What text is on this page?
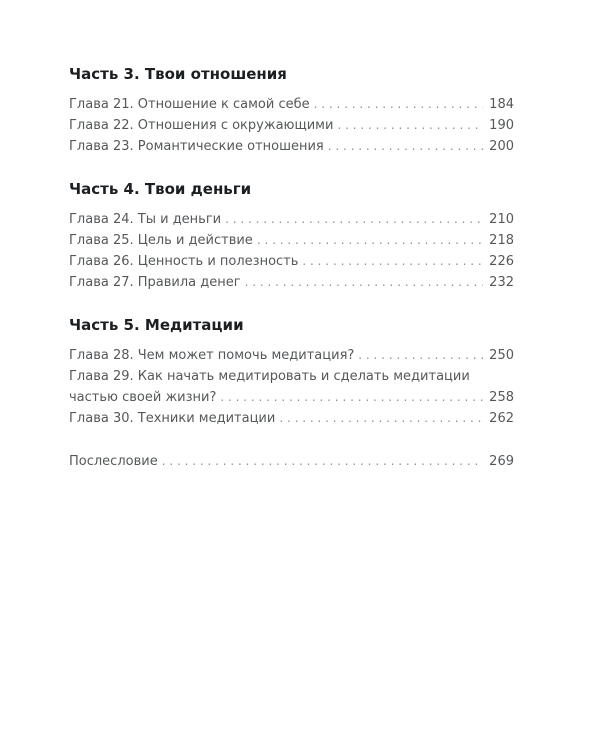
Часть 3. Твои отношения
Глава 21. Отношение к самой себе . . .	184
Глава 22. Отношения с окружающими . . .	190
Глава 23. Романтические отношения . . .	200
Часть 4. Твои деньги
Глава 24. Ты и деньги . . .	210
Глава 25. Цель и действие . . .	218
Глава 26. Ценность и полезность . . .	226
Глава 27. Правила денег . . .	232
Часть 5. Медитации
Глава 28. Чем может помочь медитация? . . .	250
Глава 29. Как начать медитировать и сделать медитации
частью своей жизни? . . .	258
Глава 30. Техники медитации . . .	262
Послесловие . . .	269
